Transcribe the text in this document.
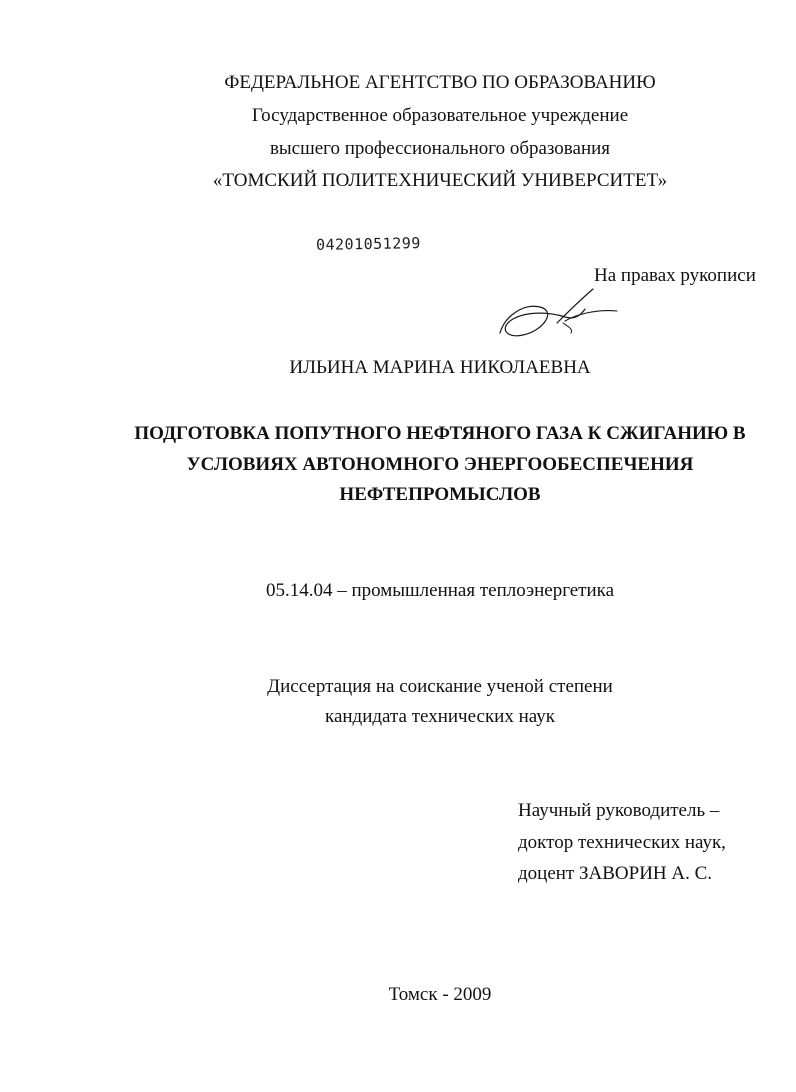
ФЕДЕРАЛЬНОЕ АГЕНТСТВО ПО ОБРАЗОВАНИЮ
Государственное образовательное учреждение
высшего профессионального образования
«ТОМСКИЙ ПОЛИТЕХНИЧЕСКИЙ УНИВЕРСИТЕТ»
04201051299
На правах рукописи
ИЛЬИНА МАРИНА НИКОЛАЕВНА
ПОДГОТОВКА ПОПУТНОГО НЕФТЯНОГО ГАЗА К СЖИГАНИЮ В
УСЛОВИЯХ АВТОНОМНОГО ЭНЕРГООБЕСПЕЧЕНИЯ
НЕФТЕПРОМЫСЛОВ
05.14.04 – промышленная теплоэнергетика
Диссертация на соискание ученой степени
кандидата технических наук
Научный руководитель –
доктор технических наук,
доцент ЗАВОРИН А. С.
Томск - 2009
